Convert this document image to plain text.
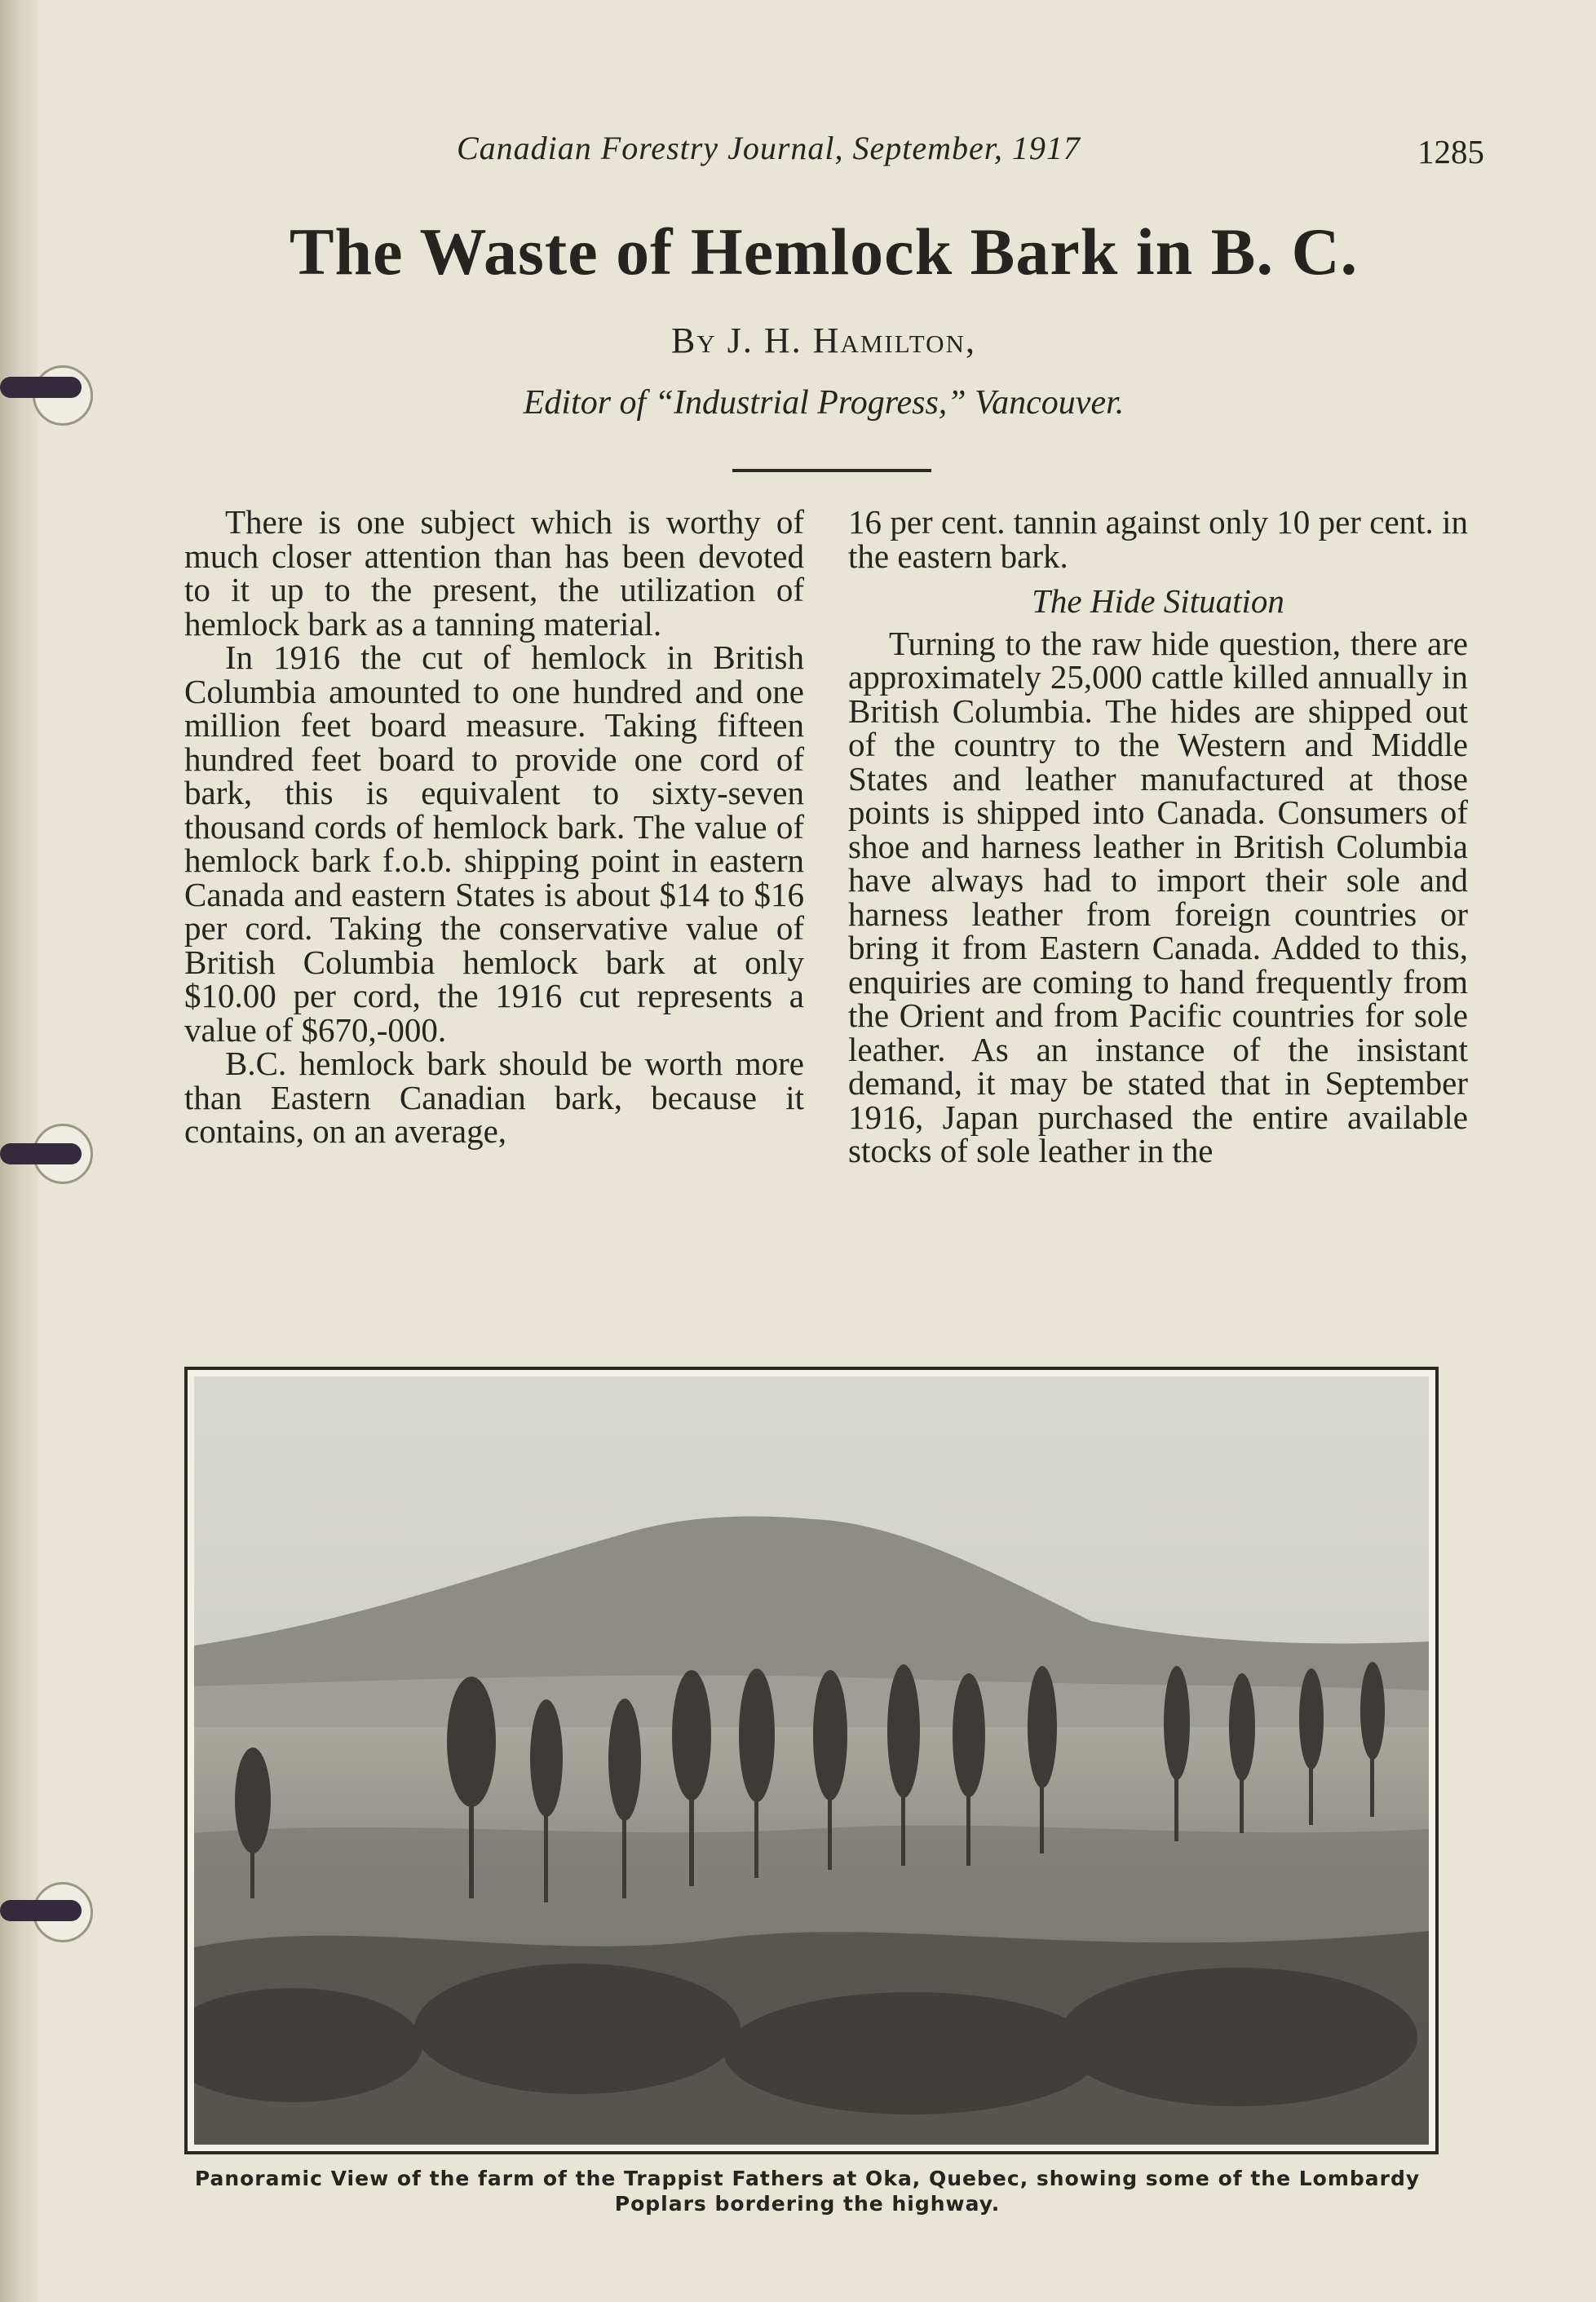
Canadian Forestry Journal, September, 1917	1285
The Waste of Hemlock Bark in B. C.
By J. H. Hamilton,
Editor of “Industrial Progress,” Vancouver.

There is one subject which is worthy of much closer attention than has been devoted to it up to the present, the utilization of hemlock bark as a tanning material.

In 1916 the cut of hemlock in British Columbia amounted to one hundred and one million feet board measure. Taking fifteen hundred feet board to provide one cord of bark, this is equivalent to sixty-seven thousand cords of hemlock bark. The value of hemlock bark f.o.b. shipping point in eastern Canada and eastern States is about $14 to $16 per cord. Taking the conservative value of British Columbia hemlock bark at only $10.00 per cord, the 1916 cut represents a value of $670,-000.

B.C. hemlock bark should be worth more than Eastern Canadian bark, because it contains, on an average,

16 per cent. tannin against only 10 per cent. in the eastern bark.

The Hide Situation

Turning to the raw hide question, there are approximately 25,000 cattle killed annually in British Columbia. The hides are shipped out of the country to the Western and Middle States and leather manufactured at those points is shipped into Canada. Consumers of shoe and harness leather in British Columbia have always had to import their sole and harness leather from foreign countries or bring it from Eastern Canada. Added to this, enquiries are coming to hand frequently from the Orient and from Pacific countries for sole leather. As an instance of the insistant demand, it may be stated that in September 1916, Japan purchased the entire available stocks of sole leather in the

Panoramic View of the farm of the Trappist Fathers at Oka, Quebec, showing some of the Lombardy Poplars bordering the highway.
